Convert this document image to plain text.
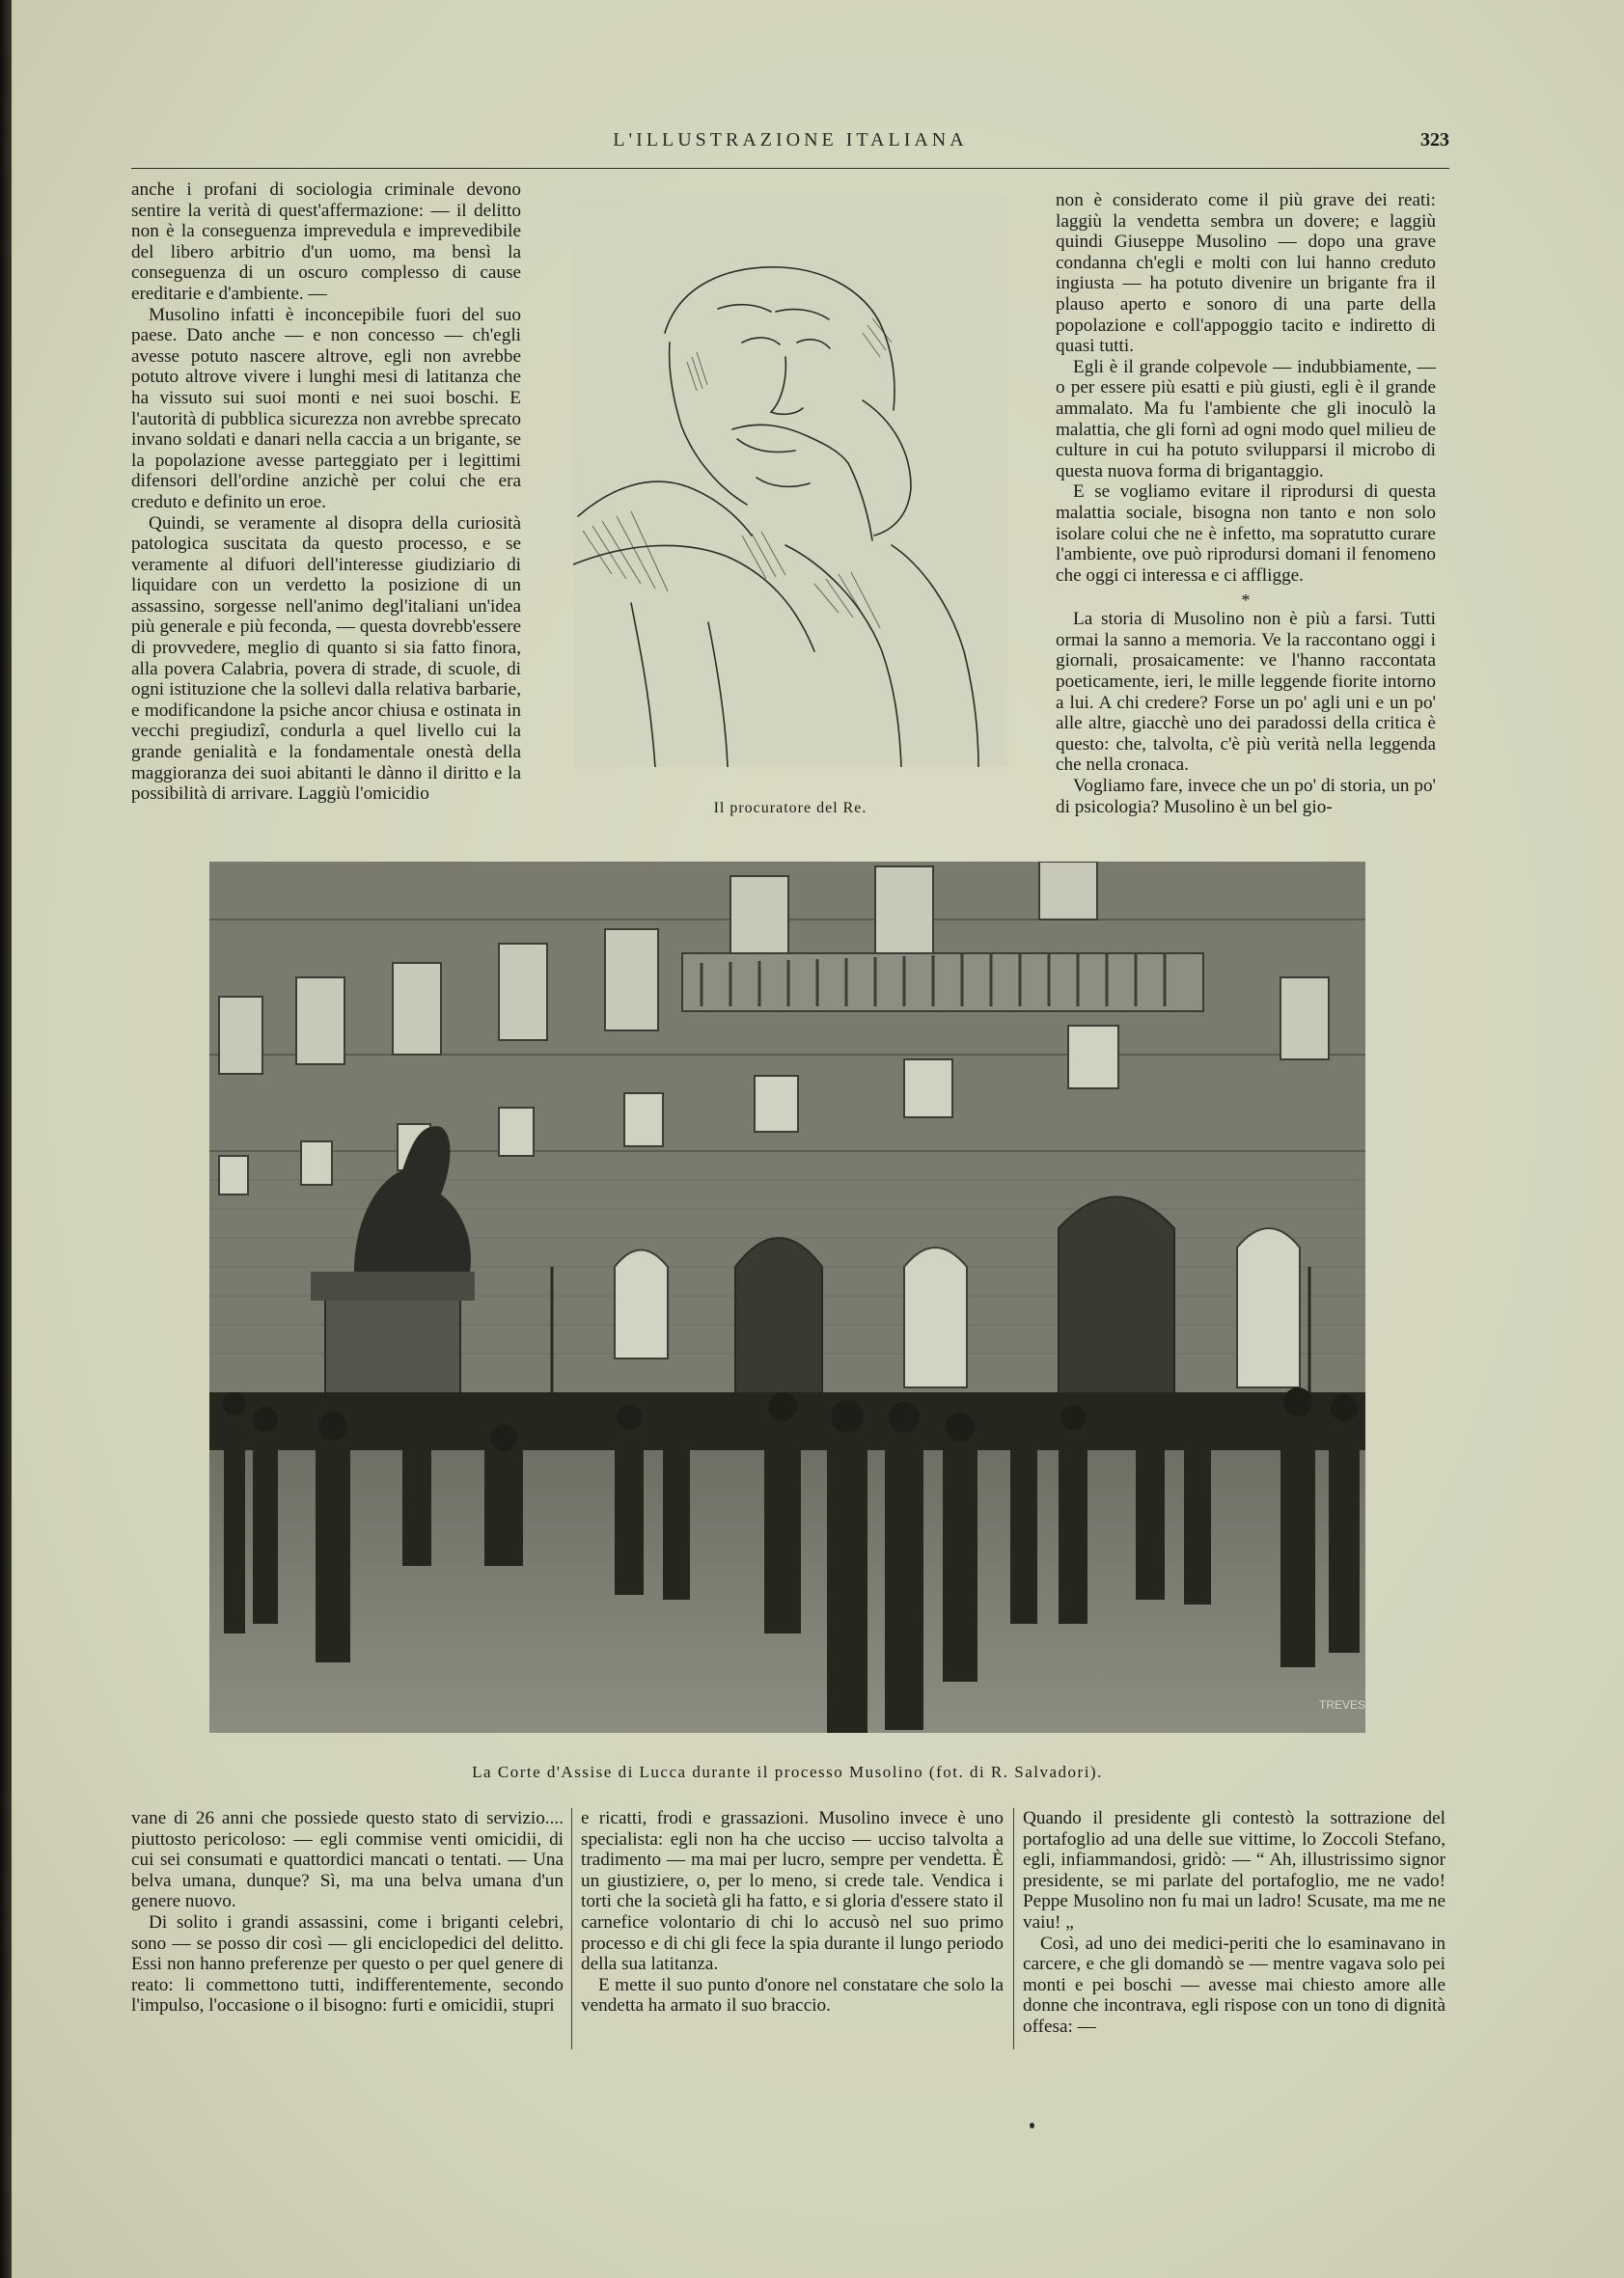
L'ILLUSTRAZIONE ITALIANA	323

anche i profani di sociologia criminale devono sentire la verità di quest'affermazione: — il delitto non è la conseguenza imprevedula e imprevedibile del libero arbitrio d'un uomo, ma bensì la conseguenza di un oscuro complesso di cause ereditarie e d'ambiente. —

Musolino infatti è inconcepibile fuori del suo paese. Dato anche — e non concesso — ch'egli avesse potuto nascere altrove, egli non avrebbe potuto altrove vivere i lunghi mesi di latitanza che ha vissuto sui suoi monti e nei suoi boschi. E l'autorità di pubblica sicurezza non avrebbe sprecato invano soldati e danari nella caccia a un brigante, se la popolazione avesse parteggiato per i legittimi difensori dell'ordine anzichè per colui che era creduto e definito un eroe.

Quindi, se veramente al disopra della curiosità patologica suscitata da questo processo, e se veramente al difuori dell'interesse giudiziario di liquidare con un verdetto la posizione di un assassino, sorgesse nell'animo degl'italiani un'idea più generale e più feconda, — questa dovrebb'essere di provvedere, meglio di quanto si sia fatto finora, alla povera Calabria, povera di strade, di scuole, di ogni istituzione che la sollevi dalla relativa barbarie, e modificandone la psiche ancor chiusa e ostinata in vecchi pregiudizî, condurla a quel livello cui la grande genialità e la fondamentale onestà della maggioranza dei suoi abitanti le dànno il diritto e la possibilità di arrivare. Laggiù l'omicidio

Il procuratore del Re.

non è considerato come il più grave dei reati: laggiù la vendetta sembra un dovere; e laggiù quindi Giuseppe Musolino — dopo una grave condanna ch'egli e molti con lui hanno creduto ingiusta — ha potuto divenire un brigante fra il plauso aperto e sonoro di una parte della popolazione e coll'appoggio tacito e indiretto di quasi tutti.

Egli è il grande colpevole — indubbiamente, — o per essere più esatti e più giusti, egli è il grande ammalato. Ma fu l'ambiente che gli inoculò la malattia, che gli fornì ad ogni modo quel milieu de culture in cui ha potuto svilupparsi il microbo di questa nuova forma di brigantaggio.

E se vogliamo evitare il riprodursi di questa malattia sociale, bisogna non tanto e non solo isolare colui che ne è infetto, ma sopratutto curare l'ambiente, ove può riprodursi domani il fenomeno che oggi ci interessa e ci affligge.

*

La storia di Musolino non è più a farsi. Tutti ormai la sanno a memoria. Ve la raccontano oggi i giornali, prosaicamente: ve l'hanno raccontata poeticamente, ieri, le mille leggende fiorite intorno a lui. A chi credere? Forse un po' agli uni e un po' alle altre, giacchè uno dei paradossi della critica è questo: che, talvolta, c'è più verità nella leggenda che nella cronaca.

Vogliamo fare, invece che un po' di storia, un po' di psicologia? Musolino è un bel gio-

TREVES
La Corte d'Assise di Lucca durante il processo Musolino (fot. di R. Salvadori).

vane di 26 anni che possiede questo stato di servizio.... piuttosto pericoloso: — egli commise venti omicidii, di cui sei consumati e quattordici mancati o tentati. — Una belva umana, dunque? Sì, ma una belva umana d'un genere nuovo.

Di solito i grandi assassini, come i briganti celebri, sono — se posso dir così — gli enciclopedici del delitto. Essi non hanno preferenze per questo o per quel genere di reato: li commettono tutti, indifferentemente, secondo l'impulso, l'occasione o il bisogno: furti e omicidii, stupri

e ricatti, frodi e grassazioni. Musolino invece è uno specialista: egli non ha che ucciso — ucciso talvolta a tradimento — ma mai per lucro, sempre per vendetta. È un giustiziere, o, per lo meno, si crede tale. Vendica i torti che la società gli ha fatto, e si gloria d'essere stato il carnefice volontario di chi lo accusò nel suo primo processo e di chi gli fece la spia durante il lungo periodo della sua latitanza.

E mette il suo punto d'onore nel constatare che solo la vendetta ha armato il suo braccio.

Quando il presidente gli contestò la sottrazione del portafoglio ad una delle sue vittime, lo Zoccoli Stefano, egli, infiammandosi, gridò: — “ Ah, illustrissimo signor presidente, se mi parlate del portafoglio, me ne vado! Peppe Musolino non fu mai un ladro! Scusate, ma me ne vaiu! „

Così, ad uno dei medici-periti che lo esaminavano in carcere, e che gli domandò se — mentre vagava solo pei monti e pei boschi — avesse mai chiesto amore alle donne che incontrava, egli rispose con un tono di dignità offesa: —
